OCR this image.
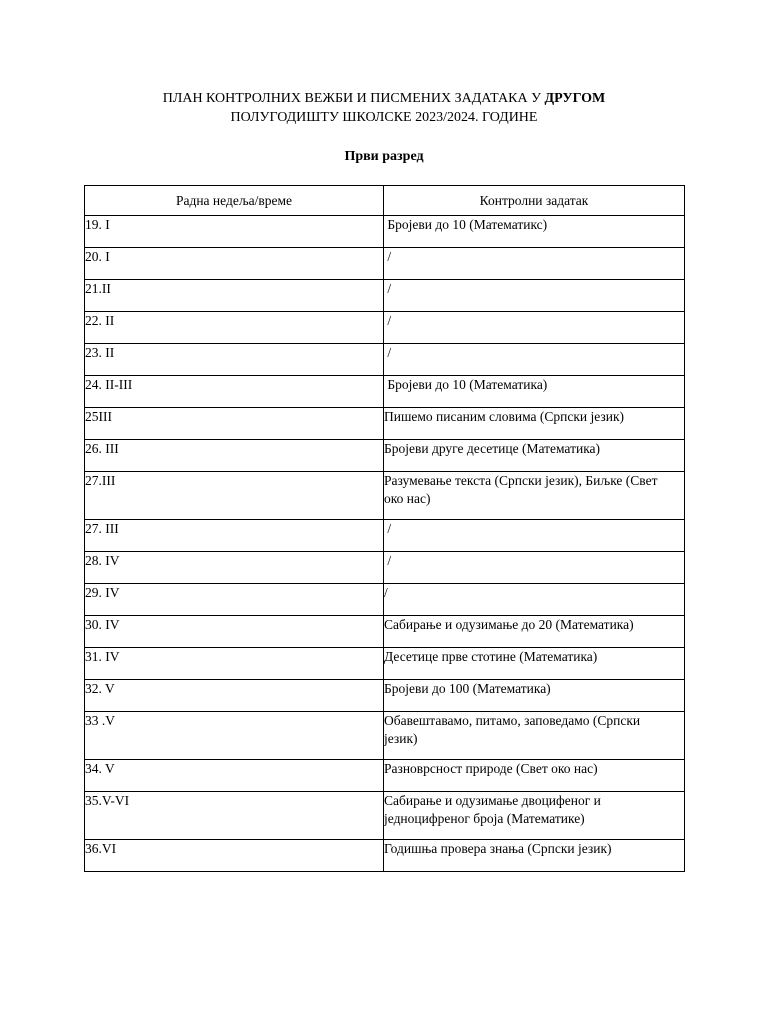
ПЛАН КОНТРОЛНИХ ВЕЖБИ И ПИСМЕНИХ ЗАДАТАКА У ДРУГОМ
ПОЛУГОДИШТУ ШКОЛСКЕ 2023/2024. ГОДИНЕ
Први разред
Радна недеља/време	Контролни задатак
19. I	Бројеви до 10 (Математикс)
20. I	/
21.II	/
22. II	/
23. II	/
24. II-III	Бројеви до 10 (Математика)
25III	Пишемо писаним словима (Српски језик)
26. III	Бројеви друге десетице (Математика)
27.III	Разумевање текста (Српски језик), Биљке (Свет око нас)
27. III	/
28. IV	/
29. IV	/
30. IV	Сабирање и одузимање до 20 (Математика)
31. IV	Десетице прве стотине (Математика)
32. V	Бројеви до 100 (Математика)
33 .V	Обавештавамо, питамо, заповедамо (Српски језик)
34. V	Разноврсност природе (Свет око нас)
35.V-VI	Сабирање и одузимање двоцифеног и једноцифреног броја (Математике)
36.VI	Годишња провера знања (Српски језик)
